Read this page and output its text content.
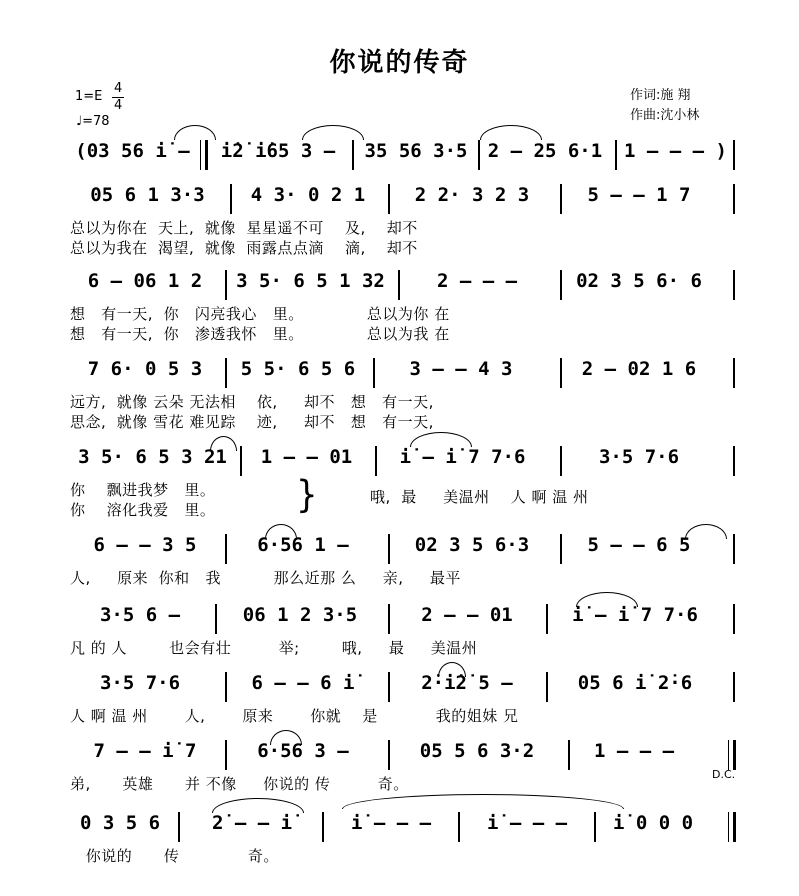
你说的传奇
1=E
4
4
♩=78
作词:施 翔
作曲:沈小林
(03 56 i̇ –	i̇2̇ i̇65 3 –	35 56 3·5	2 – 25 6·1	1 – – – )
05 6 1 3·3	4 3· 0 2 1	2 2· 3 2 3	5 – – 1 7
总以为你在  天上,  就像  星星遥不可    及,    却不
总以为我在  渴望,  就像  雨露点点滴    滴,    却不
6 – 06 1 2	3 5· 6 5 1 32	2 – – –	02 3 5 6· 6
想   有一天,  你   闪亮我心   里。            总以为你 在
想   有一天,  你   渗透我怀   里。            总以为我 在
7 6· 0 5 3	5 5· 6 5 6	3 – – 4 3	2 – 02 1 6
远方,  就像 云朵 无法相    依,     却不   想   有一天,
思念,  就像 雪花 难见踪    迹,     却不   想   有一天,
3 5· 6 5 3 21	1 – – 01	i̇ – i̇ 7 7·6	3·5 7·6
你    飘进我梦   里。
你    溶化我爱   里。
哦,  最     美温州    人 啊 温 州
}
6 – – 3 5	6·56 1 –	02 3 5 6·3	5 – – 6 5
人,     原来  你和   我          那么近那 么     亲,     最平
3·5 6 –	06 1 2 3·5	2 – – 01	i̇ – i̇ 7 7·6
凡 的 人        也会有壮         举;        哦,     最     美温州
3·5 7·6	6 – – 6 i̇	2̇·i̇2̇ 5 –	05 6 i̇ 2̇·6
人 啊 温 州       人,       原来       你就    是           我的姐妹 兄
7 – – i̇ 7	6·56 3 –	05 5 6 3·2	1 – – –
弟,      英雄      并 不像     你说的 传         奇。
D.C.
0 3 5 6	2̇ – – i̇	i̇ – – –	i̇ – – –	i̇ 0 0 0
你说的      传             奇。
